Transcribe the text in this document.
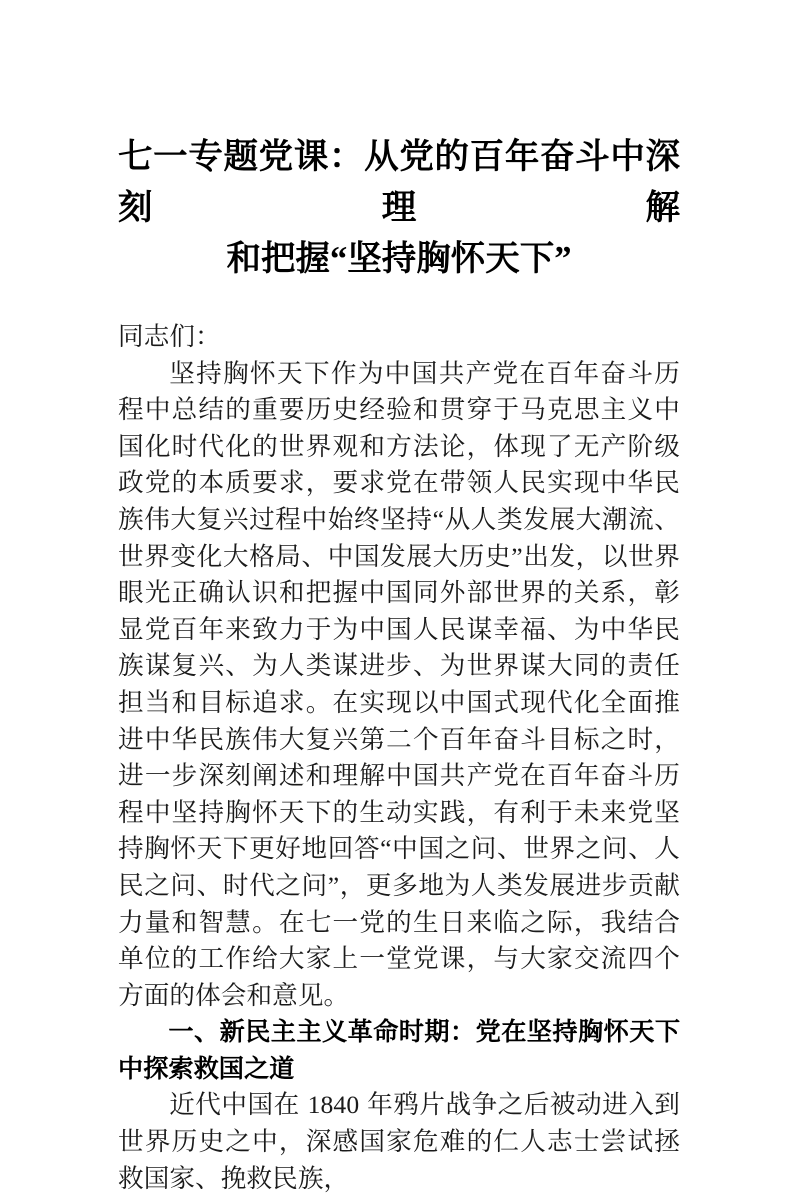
七一专题党课：从党的百年奋斗中深刻理解
和把握“坚持胸怀天下”

同志们：

坚持胸怀天下作为中国共产党在百年奋斗历程中总结的重要历史经验和贯穿于马克思主义中国化时代化的世界观和方法论，体现了无产阶级政党的本质要求，要求党在带领人民实现中华民族伟大复兴过程中始终坚持“从人类发展大潮流、世界变化大格局、中国发展大历史”出发，以世界眼光正确认识和把握中国同外部世界的关系，彰显党百年来致力于为中国人民谋幸福、为中华民族谋复兴、为人类谋进步、为世界谋大同的责任担当和目标追求。在实现以中国式现代化全面推进中华民族伟大复兴第二个百年奋斗目标之时，进一步深刻阐述和理解中国共产党在百年奋斗历程中坚持胸怀天下的生动实践，有利于未来党坚持胸怀天下更好地回答“中国之问、世界之问、人民之问、时代之问”，更多地为人类发展进步贡献力量和智慧。在七一党的生日来临之际，我结合单位的工作给大家上一堂党课，与大家交流四个方面的体会和意见。

一、新民主主义革命时期：党在坚持胸怀天下中探索救国之道

近代中国在 1840 年鸦片战争之后被动进入到世界历史之中，深感国家危难的仁人志士尝试拯救国家、挽救民族，
